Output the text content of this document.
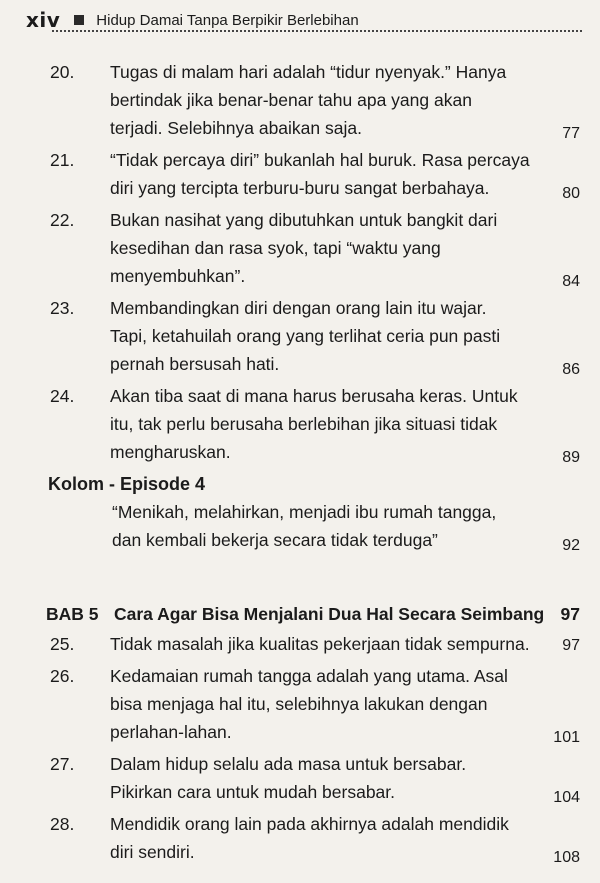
xiv Hidup Damai Tanpa Berpikir Berlebihan
20. Tugas di malam hari adalah “tidur nyenyak.” Hanya
bertindak jika benar-benar tahu apa yang akan
terjadi. Selebihnya abaikan saja.	77
21. “Tidak percaya diri” bukanlah hal buruk. Rasa percaya
diri yang tercipta terburu-buru sangat berbahaya.	80
22. Bukan nasihat yang dibutuhkan untuk bangkit dari
kesedihan dan rasa syok, tapi “waktu yang
menyembuhkan”.	84
23. Membandingkan diri dengan orang lain itu wajar.
Tapi, ketahuilah orang yang terlihat ceria pun pasti
pernah bersusah hati.	86
24. Akan tiba saat di mana harus berusaha keras. Untuk
itu, tak perlu berusaha berlebihan jika situasi tidak
mengharuskan.	89
Kolom - Episode 4
“Menikah, melahirkan, menjadi ibu rumah tangga,
dan kembali bekerja secara tidak terduga”	92
BAB 5 Cara Agar Bisa Menjalani Dua Hal Secara Seimbang 97
25. Tidak masalah jika kualitas pekerjaan tidak sempurna.	97
26. Kedamaian rumah tangga adalah yang utama. Asal
bisa menjaga hal itu, selebihnya lakukan dengan
perlahan-lahan.	101
27. Dalam hidup selalu ada masa untuk bersabar.
Pikirkan cara untuk mudah bersabar.	104
28. Mendidik orang lain pada akhirnya adalah mendidik
diri sendiri.	108
